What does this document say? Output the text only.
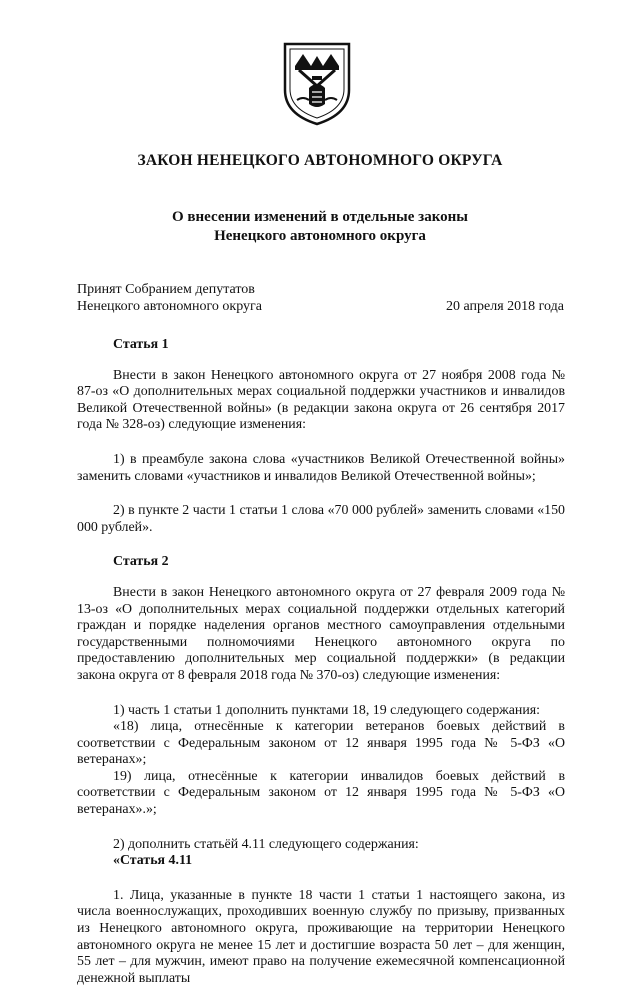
ЗАКОН НЕНЕЦКОГО АВТОНОМНОГО ОКРУГА
О внесении изменений в отдельные законы
Ненецкого автономного округа
Принят Собранием депутатов
Ненецкого автономного округа	20 апреля 2018 года

Статья 1

Внести в закон Ненецкого автономного округа от 27 ноября 2008 года № 87-оз «О дополнительных мерах социальной поддержки участников и инвалидов Великой Отечественной войны» (в редакции закона округа от 26 сентября 2017 года № 328-оз) следующие изменения:

1) в преамбуле закона слова «участников Великой Отечественной войны» заменить словами «участников и инвалидов Великой Отечественной войны»;

2) в пункте 2 части 1 статьи 1 слова «70 000 рублей» заменить словами «150 000 рублей».

Статья 2

Внести в закон Ненецкого автономного округа от 27 февраля 2009 года № 13-оз «О дополнительных мерах социальной поддержки отдельных категорий граждан и порядке наделения органов местного самоуправления отдельными государственными полномочиями Ненецкого автономного округа по предоставлению дополнительных мер социальной поддержки» (в редакции закона округа от 8 февраля 2018 года № 370-оз) следующие изменения:

1) часть 1 статьи 1 дополнить пунктами 18, 19 следующего содержания:

«18) лица, отнесённые к категории ветеранов боевых действий в соответствии с Федеральным законом от 12 января 1995 года № 5-ФЗ «О ветеранах»;

19) лица, отнесённые к категории инвалидов боевых действий в соответствии с Федеральным законом от 12 января 1995 года № 5-ФЗ «О ветеранах».»;

2) дополнить статьёй 4.11 следующего содержания:

«Статья 4.11

1. Лица, указанные в пункте 18 части 1 статьи 1 настоящего закона, из числа военнослужащих, проходивших военную службу по призыву, призванных из Ненецкого автономного округа, проживающие на территории Ненецкого автономного округа не менее 15 лет и достигшие возраста 50 лет – для женщин, 55 лет – для мужчин, имеют право на получение ежемесячной компенсационной денежной выплаты
